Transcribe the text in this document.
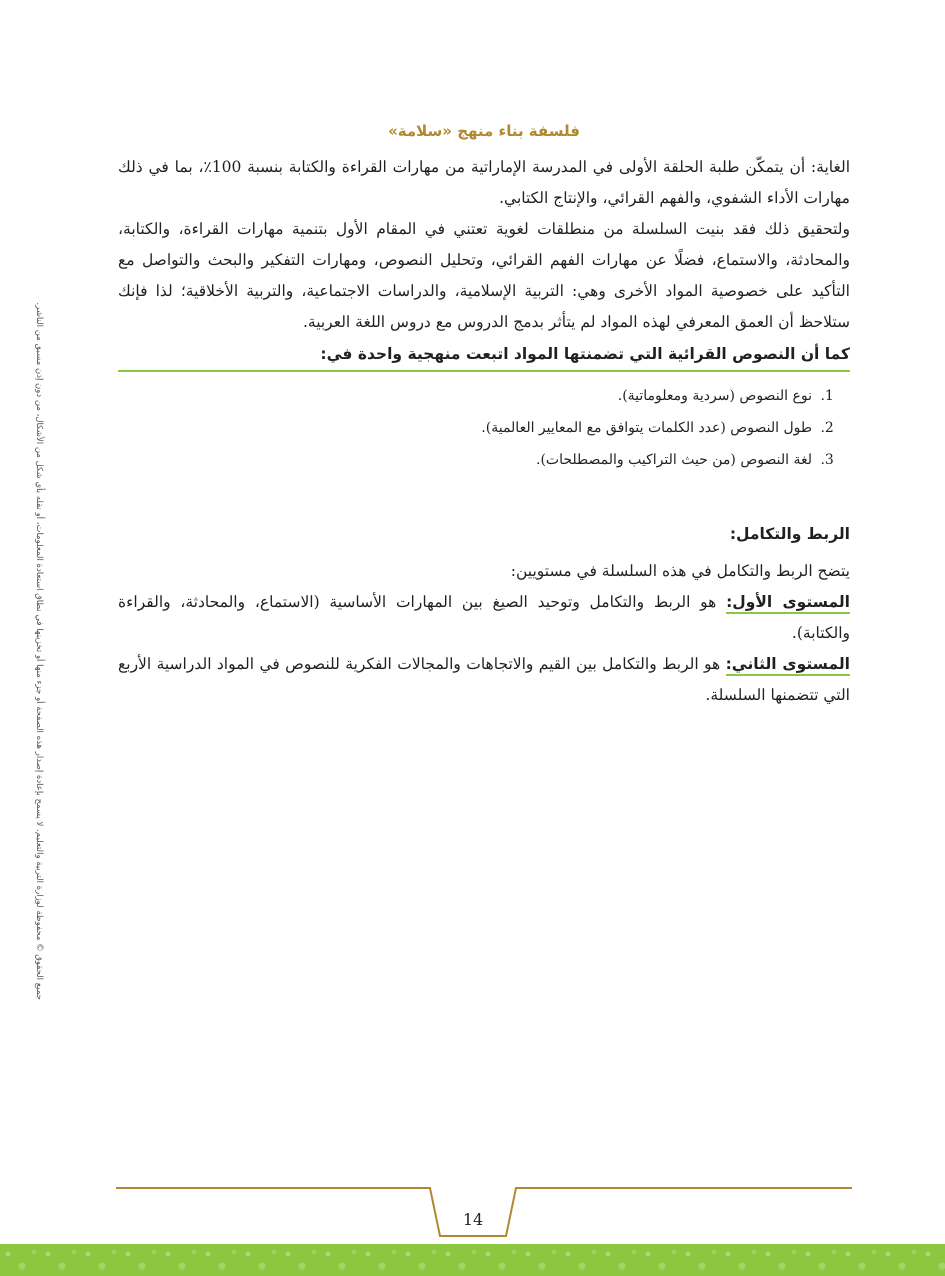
جميع الحقوق © محفوظة لوزارة التربية والتعليم. لا يسمح بإعادة إصدار هذه الصفحة أو جزء منها أو تخزينها في نطاق استعادة المعلومات، أو نقله بأي شكل من الأشكال، من دون إذن مسبق من الناشر.
فلسفة بناء منهج «سلامة»

الغاية: أن يتمكّن طلبة الحلقة الأولى في المدرسة الإماراتية من مهارات القراءة والكتابة بنسبة 100٪، بما في ذلك مهارات الأداء الشفوي، والفهم القرائي، والإنتاج الكتابي.

ولتحقيق ذلك فقد بنيت السلسلة من منطلقات لغوية تعتني في المقام الأول بتنمية مهارات القراءة، والكتابة، والمحادثة، والاستماع، فضلًا عن مهارات الفهم القرائي، وتحليل النصوص، ومهارات التفكير والبحث والتواصل مع التأكيد على خصوصية المواد الأخرى وهي: التربية الإسلامية، والدراسات الاجتماعية، والتربية الأخلاقية؛ لذا فإنك ستلاحظ أن العمق المعرفي لهذه المواد لم يتأثر بدمج الدروس مع دروس اللغة العربية.

كما أن النصوص القرائية التي تضمنتها المواد اتبعت منهجية واحدة في:
1. نوع النصوص (سردية ومعلوماتية).
2. طول النصوص (عدد الكلمات يتوافق مع المعايير العالمية).
3. لغة النصوص (من حيث التراكيب والمصطلحات).
الربط والتكامل:

يتضح الربط والتكامل في هذه السلسلة في مستويين:

المستوى الأول: هو الربط والتكامل وتوحيد الصيغ بين المهارات الأساسية (الاستماع، والمحادثة، والقراءة والكتابة).

المستوى الثاني: هو الربط والتكامل بين القيم والاتجاهات والمجالات الفكرية للنصوص في المواد الدراسية الأربع التي تتضمنها السلسلة.

14
